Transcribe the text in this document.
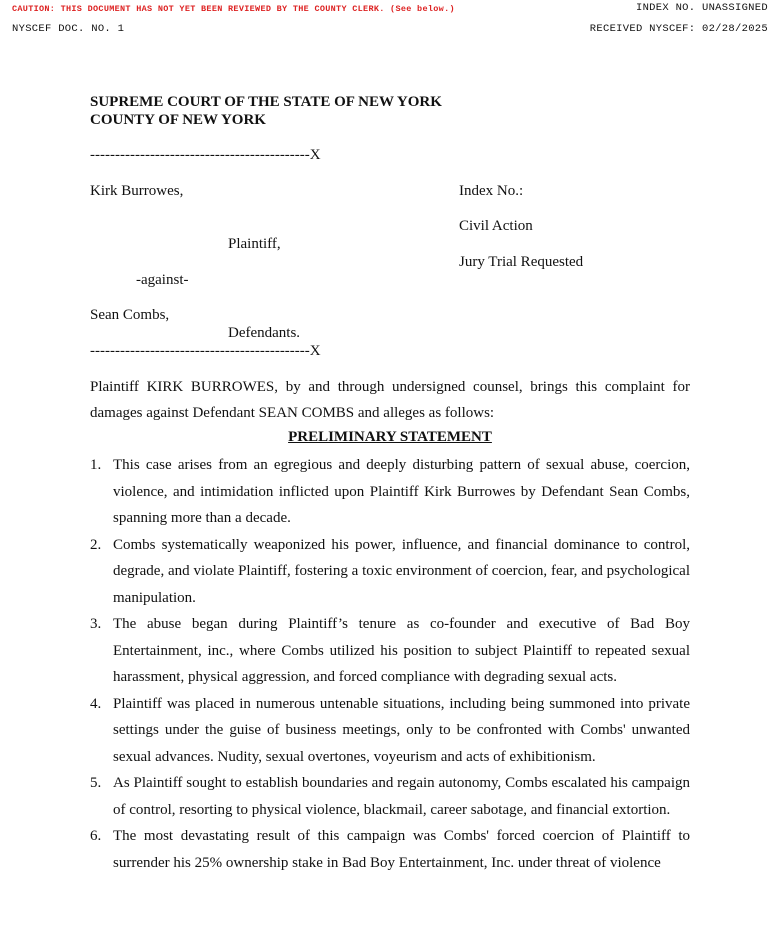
CAUTION: THIS DOCUMENT HAS NOT YET BEEN REVIEWED BY THE COUNTY CLERK. (See below.)	INDEX NO. UNASSIGNED
NYSCEF DOC. NO. 1	RECEIVED NYSCEF: 02/28/2025
SUPREME COURT OF THE STATE OF NEW YORK
COUNTY OF NEW YORK
--------------------------------------------X
Kirk Burrowes,
Plaintiff,
-against-
Sean Combs,
Defendants.
--------------------------------------------X
Index No.:
Civil Action
Jury Trial Requested
Plaintiff KIRK BURROWES, by and through undersigned counsel, brings this complaint for damages against Defendant SEAN COMBS and alleges as follows:
PRELIMINARY STATEMENT
1. This case arises from an egregious and deeply disturbing pattern of sexual abuse, coercion, violence, and intimidation inflicted upon Plaintiff Kirk Burrowes by Defendant Sean Combs, spanning more than a decade.
2. Combs systematically weaponized his power, influence, and financial dominance to control, degrade, and violate Plaintiff, fostering a toxic environment of coercion, fear, and psychological manipulation.
3. The abuse began during Plaintiff’s tenure as co-founder and executive of Bad Boy Entertainment, inc., where Combs utilized his position to subject Plaintiff to repeated sexual harassment, physical aggression, and forced compliance with degrading sexual acts.
4. Plaintiff was placed in numerous untenable situations, including being summoned into private settings under the guise of business meetings, only to be confronted with Combs' unwanted sexual advances. Nudity, sexual overtones, voyeurism and acts of exhibitionism.
5. As Plaintiff sought to establish boundaries and regain autonomy, Combs escalated his campaign of control, resorting to physical violence, blackmail, career sabotage, and financial extortion.
6. The most devastating result of this campaign was Combs' forced coercion of Plaintiff to surrender his 25% ownership stake in Bad Boy Entertainment, Inc. under threat of violence
